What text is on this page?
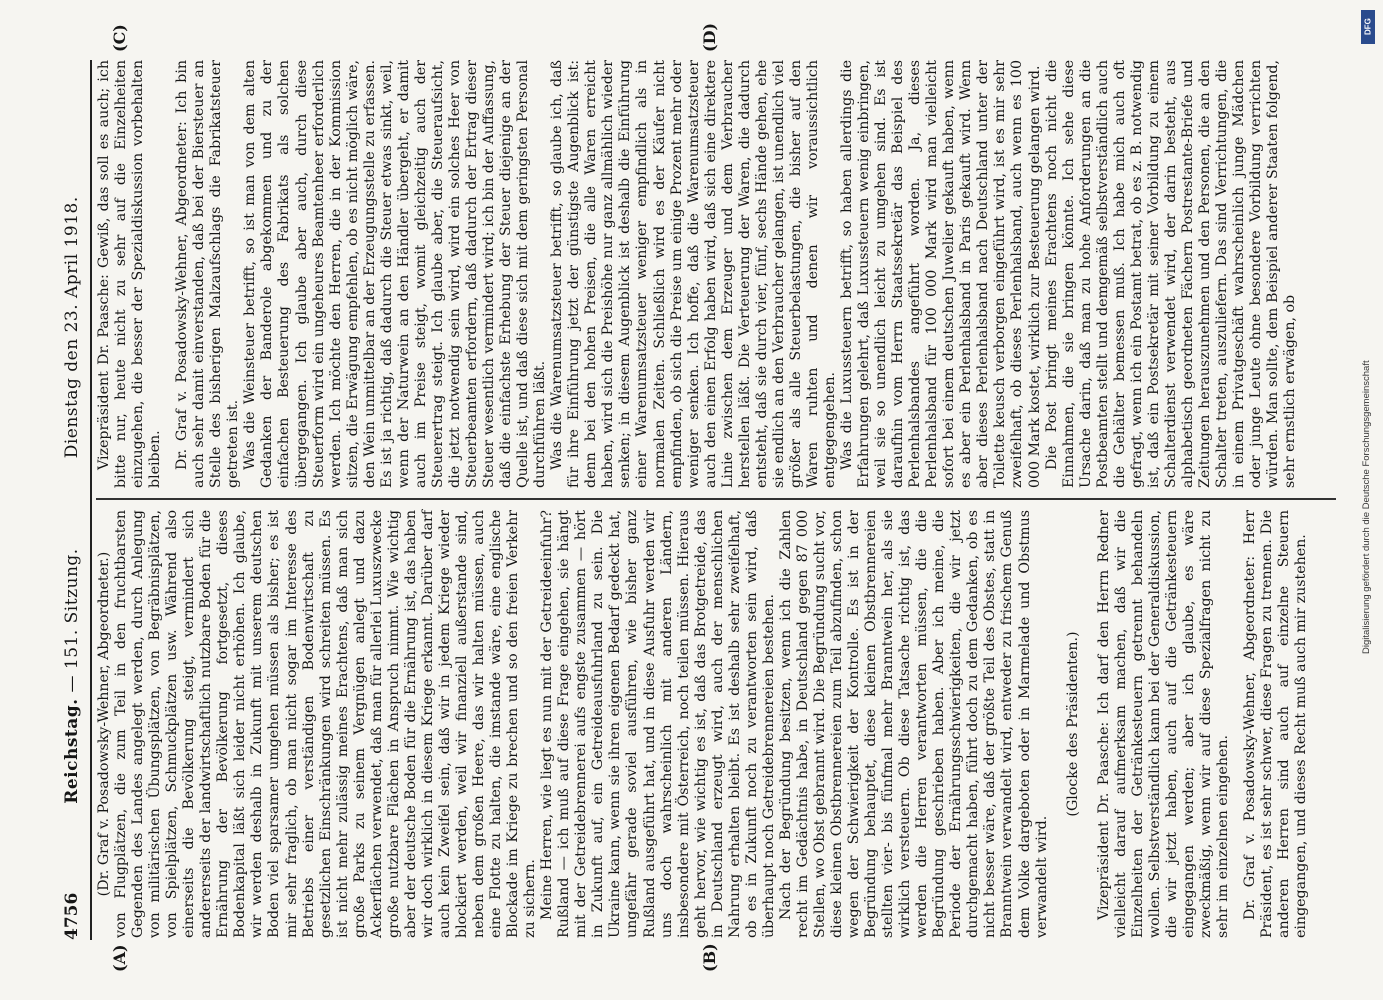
4756
Reichstag. — 151. Sitzung.Dienstag den 23. April 1918.
(A)	(B)
(C)	(D)

(Dr. Graf v. Posadowsky-Wehner, Abgeordneter.) von Flugplätzen, die zum Teil in den fruchtbarsten Gegenden des Landes angelegt werden, durch Anlegung von militärischen Übungsplätzen, von Begräbnisplätzen, von Spielplätzen, Schmuckplätzen usw. Während also einerseits die Bevölkerung steigt, vermindert sich andererseits der landwirtschaftlich nutzbare Boden für die Ernährung der Bevölkerung fortgesetzt, dieses Bodenkapital läßt sich leider nicht erhöhen. Ich glaube, wir werden deshalb in Zukunft mit unserem deutschen Boden viel sparsamer umgehen müssen als bisher; es ist mir sehr fraglich, ob man nicht sogar im Interesse des Betriebs einer verständigen Bodenwirtschaft zu gesetzlichen Einschränkungen wird schreiten müssen. Es ist nicht mehr zulässig meines Erachtens, daß man sich große Parks zu seinem Vergnügen anlegt und dazu Ackerflächen verwendet, daß man für allerlei Luxuszwecke große nutzbare Flächen in Anspruch nimmt. Wie wichtig aber der deutsche Boden für die Ernährung ist, das haben wir doch wirklich in diesem Kriege erkannt. Darüber darf auch kein Zweifel sein, daß wir in jedem Kriege wieder blockiert werden, weil wir finanziell außerstande sind, neben dem großen Heere, das wir halten müssen, auch eine Flotte zu halten, die imstande wäre, eine englische Blockade im Kriege zu brechen und so den freien Verkehr zu sichern. Meine Herren, wie liegt es nun mit der Getreideeinfuhr? Rußland — ich muß auf diese Frage eingehen, sie hängt mit der Getreidebrennerei aufs engste zusammen — hört in Zukunft auf, ein Getreideausfuhrland zu sein. Die Ukraine kann, wenn sie ihren eigenen Bedarf gedeckt hat, ungefähr gerade soviel ausführen, wie bisher ganz Rußland ausgeführt hat, und in diese Ausfuhr werden wir uns doch wahrscheinlich mit anderen Ländern, insbesondere mit Österreich, noch teilen müssen. Hieraus geht hervor, wie wichtig es ist, daß das Brotgetreide, das in Deutschland erzeugt wird, auch der menschlichen Nahrung erhalten bleibt. Es ist deshalb sehr zweifelhaft, ob es in Zukunft noch zu verantworten sein wird, daß überhaupt noch Getreidebrennereien bestehen. Nach der Begründung besitzen, wenn ich die Zahlen recht im Gedächtnis habe, in Deutschland gegen 87 000 Stellen, wo Obst gebrannt wird. Die Begründung sucht vor, diese kleinen Obstbrennereien zum Teil abzufinden, schon wegen der Schwierigkeit der Kontrolle. Es ist in der Begründung behauptet, diese kleinen Obstbrennereien stellten vier- bis fünfmal mehr Branntwein her, als sie wirklich versteuern. Ob diese Tatsache richtig ist, das werden die Herren verantworten müssen, die die Begründung geschrieben haben. Aber ich meine, die Periode der Ernährungsschwierigkeiten, die wir jetzt durchgemacht haben, führt doch zu dem Gedanken, ob es nicht besser wäre, daß der größte Teil des Obstes, statt in Branntwein verwandelt wird, entweder zu frischem Genuß dem Volke dargeboten oder in Marmelade und Obstmus verwandelt wird.

(Glocke des Präsidenten.) Vizepräsident Dr. Paasche: Ich darf den Herrn Redner vielleicht darauf aufmerksam machen, daß wir die Einzelheiten der Getränkesteuern getrennt behandeln wollen. Selbstverständlich kann bei der Generaldiskussion, die wir jetzt haben, auch auf die Getränkesteuern eingegangen werden; aber ich glaube, es wäre zweckmäßig, wenn wir auf diese Spezialfragen nicht zu sehr im einzelnen eingehen. Dr. Graf v. Posadowsky-Wehner, Abgeordneter: Herr Präsident, es ist sehr schwer, diese Fragen zu trennen. Die anderen Herren sind auch auf einzelne Steuern eingegangen, und dieses Recht muß auch mir zustehen.

Vizepräsident Dr. Paasche: Gewiß, das soll es auch; ich bitte nur, heute nicht zu sehr auf die Einzelheiten einzugehen, die besser der Spezialdiskussion vorbehalten bleiben. Dr. Graf v. Posadowsky-Wehner, Abgeordneter: Ich bin auch sehr damit einverstanden, daß bei der Biersteuer an Stelle des bisherigen Malzaufschlags die Fabrikatsteuer getreten ist. Was die Weinsteuer betrifft, so ist man von dem alten Gedanken der Banderole abgekommen und zu der einfachen Besteuerung des Fabrikats als solchen übergegangen. Ich glaube aber auch, durch diese Steuerform wird ein ungeheures Beamtenheer erforderlich werden. Ich möchte den Herren, die in der Kommission sitzen, die Erwägung empfehlen, ob es nicht möglich wäre, den Wein unmittelbar an der Erzeugungsstelle zu erfassen. Es ist ja richtig, daß dadurch die Steuer etwas sinkt, weil, wenn der Naturwein an den Händler übergeht, er damit auch im Preise steigt, womit gleichzeitig auch der Steuerertrag steigt. Ich glaube aber, die Steueraufsicht, die jetzt notwendig sein wird, wird ein solches Heer von Steuerbeamten erfordern, daß dadurch der Ertrag dieser Steuer wesentlich vermindert wird; ich bin der Auffassung, daß die einfachste Erhebung der Steuer diejenige an der Quelle ist, und daß diese sich mit dem geringsten Personal durchführen läßt. Was die Warenumsatzsteuer betrifft, so glaube ich, daß für ihre Einführung jetzt der günstigste Augenblick ist: denn bei den hohen Preisen, die alle Waren erreicht haben, wird sich die Preishöhe nur ganz allmählich wieder senken; in diesem Augenblick ist deshalb die Einführung einer Warenumsatzsteuer weniger empfindlich als in normalen Zeiten. Schließlich wird es der Käufer nicht empfinden, ob sich die Preise um einige Prozent mehr oder weniger senken. Ich hoffe, daß die Warenumsatzsteuer auch den einen Erfolg haben wird, daß sich eine direktere Linie zwischen dem Erzeuger und dem Verbraucher herstellen läßt. Die Verteuerung der Waren, die dadurch entsteht, daß sie durch vier, fünf, sechs Hände gehen, ehe sie endlich an den Verbraucher gelangen, ist unendlich viel größer als alle Steuerbelastungen, die bisher auf den Waren ruhten und denen wir voraussichtlich entgegengehen. Was die Luxussteuern betrifft, so haben allerdings die Erfahrungen gelehrt, daß Luxussteuern wenig einbringen, weil sie so unendlich leicht zu umgehen sind. Es ist daraufhin vom Herrn Staatssekretär das Beispiel des Perlenhalsbandes angeführt worden. Ja, dieses Perlenhalsband für 100 000 Mark wird man vielleicht sofort bei einem deutschen Juwelier gekauft haben, wenn es aber ein Perlenhalsband in Paris gekauft wird. Wenn aber dieses Perlenhalsband nach Deutschland unter der Toilette keusch verborgen eingeführt wird, ist es mir sehr zweifelhaft, ob dieses Perlenhalsband, auch wenn es 100 000 Mark kostet, wirklich zur Besteuerung gelangen wird. Die Post bringt meines Erachtens noch nicht die Einnahmen, die sie bringen könnte. Ich sehe diese Ursache darin, daß man zu hohe Anforderungen an die Postbeamten stellt und demgemäß selbstverständlich auch die Gehälter bemessen muß. Ich habe mich auch oft gefragt, wenn ich ein Postamt betrat, ob es z. B. notwendig ist, daß ein Postsekretär mit seiner Vorbildung zu einem Schalterdienst verwendet wird, der darin besteht, aus alphabetisch geordneten Fächern Postrestante-Briefe und Zeitungen herauszunehmen und den Personen, die an den Schalter treten, auszuliefern. Das sind Verrichtungen, die in einem Privatgeschäft wahrscheinlich junge Mädchen oder junge Leute ohne besondere Vorbildung verrichten würden. Man sollte, dem Beispiel anderer Staaten folgend, sehr ernstlich erwägen, ob

DFG
Digitalisierung gefördert durch die Deutsche Forschungsgemeinschaft
